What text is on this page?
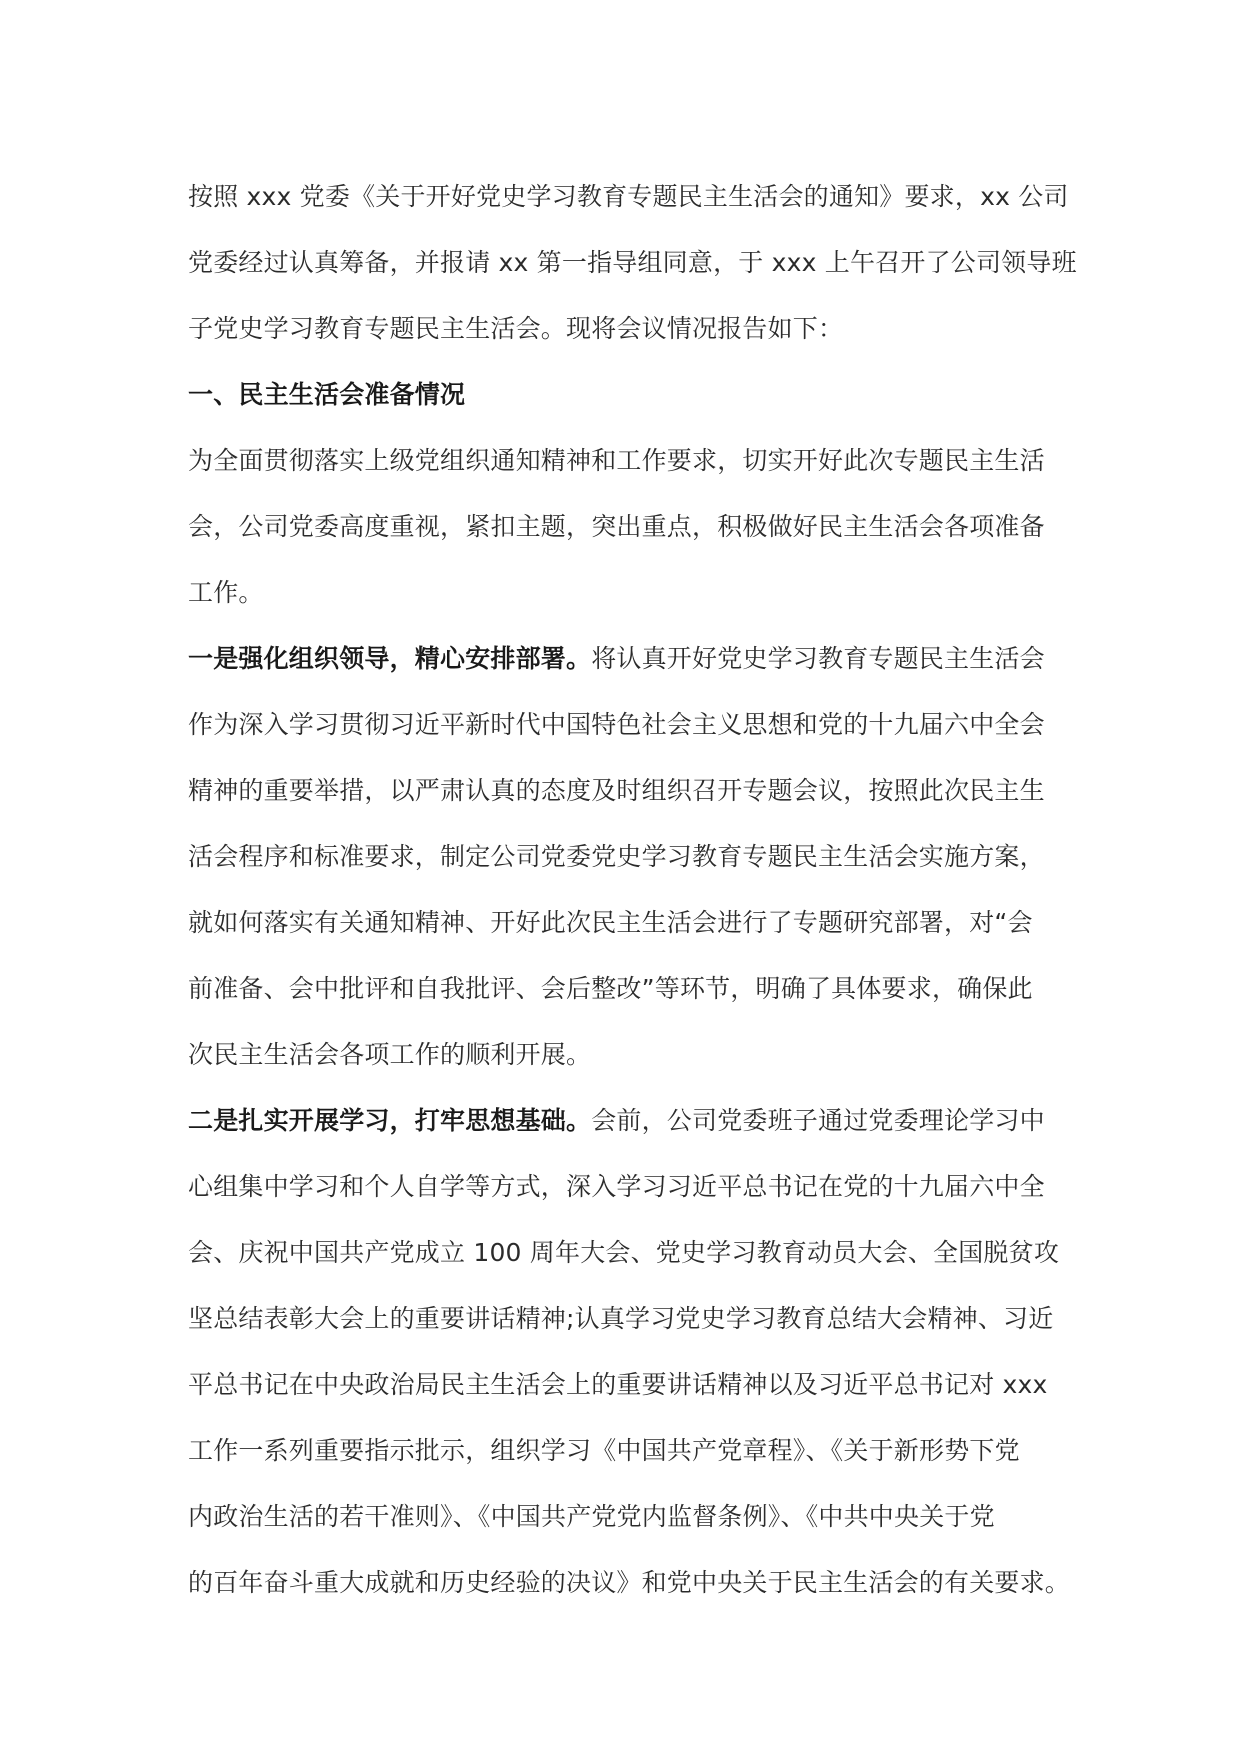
按照 xxx 党委《关于开好党史学习教育专题民主生活会的通知》要求，xx 公司
党委经过认真筹备，并报请 xx 第一指导组同意，于 xxx 上午召开了公司领导班
子党史学习教育专题民主生活会。现将会议情况报告如下：
一、民主生活会准备情况
为全面贯彻落实上级党组织通知精神和工作要求，切实开好此次专题民主生活
会，公司党委高度重视，紧扣主题，突出重点，积极做好民主生活会各项准备
工作。
一是强化组织领导，精心安排部署。将认真开好党史学习教育专题民主生活会
作为深入学习贯彻习近平新时代中国特色社会主义思想和党的十九届六中全会
精神的重要举措，以严肃认真的态度及时组织召开专题会议，按照此次民主生
活会程序和标准要求，制定公司党委党史学习教育专题民主生活会实施方案，
就如何落实有关通知精神、开好此次民主生活会进行了专题研究部署，对“会
前准备、会中批评和自我批评、会后整改”等环节，明确了具体要求，确保此
次民主生活会各项工作的顺利开展。
二是扎实开展学习，打牢思想基础。会前，公司党委班子通过党委理论学习中
心组集中学习和个人自学等方式，深入学习习近平总书记在党的十九届六中全
会、庆祝中国共产党成立 100 周年大会、党史学习教育动员大会、全国脱贫攻
坚总结表彰大会上的重要讲话精神;认真学习党史学习教育总结大会精神、习近
平总书记在中央政治局民主生活会上的重要讲话精神以及习近平总书记对 xxx
工作一系列重要指示批示，组织学习《中国共产党章程》、《关于新形势下党
内政治生活的若干准则》、《中国共产党党内监督条例》、《中共中央关于党
的百年奋斗重大成就和历史经验的决议》和党中央关于民主生活会的有关要求。
